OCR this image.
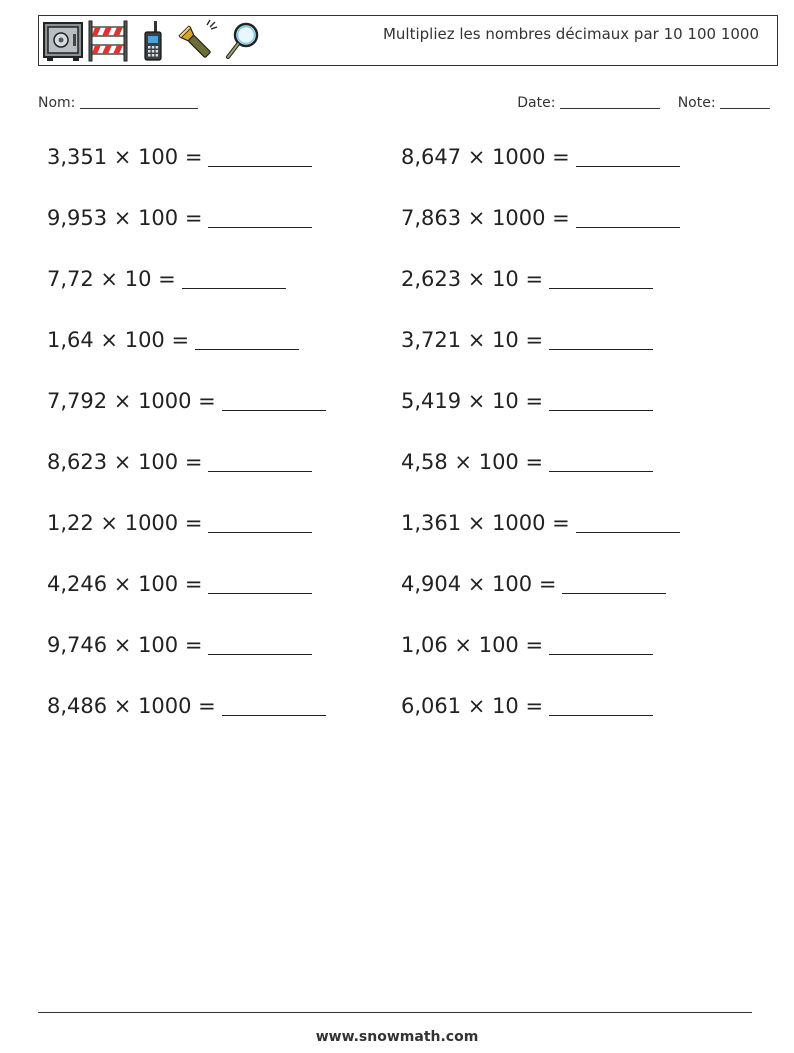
Multipliez les nombres décimaux par 10 100 1000
Nom:	Date:	Note:
3,351 × 100 =	8,647 × 1000 =
9,953 × 100 =	7,863 × 1000 =
7,72 × 10 =	2,623 × 10 =
1,64 × 100 =	3,721 × 10 =
7,792 × 1000 =	5,419 × 10 =
8,623 × 100 =	4,58 × 100 =
1,22 × 1000 =	1,361 × 1000 =
4,246 × 100 =	4,904 × 100 =
9,746 × 100 =	1,06 × 100 =
8,486 × 1000 =	6,061 × 10 =
www.snowmath.com
